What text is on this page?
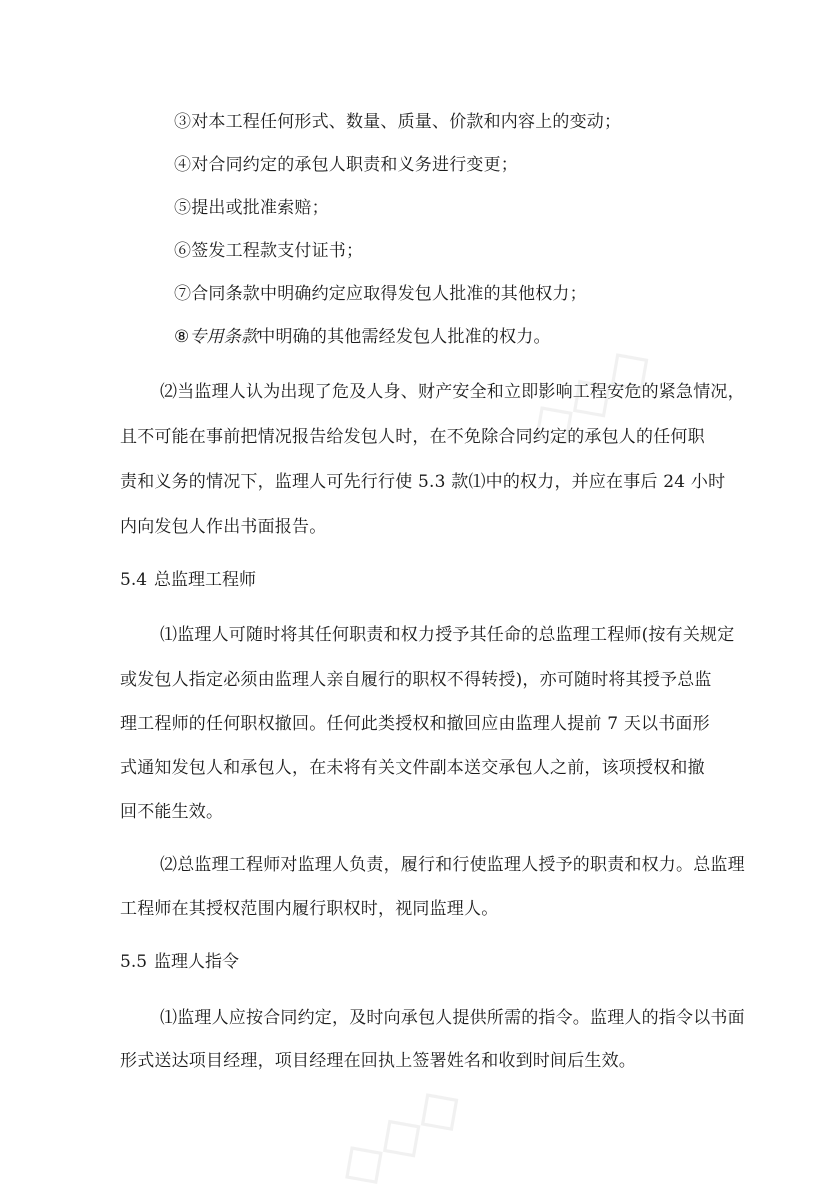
◇◇◇
◇◇◇

③对本工程任何形式、数量、质量、价款和内容上的变动；

④对合同约定的承包人职责和义务进行变更；

⑤提出或批准索赔；

⑥签发工程款支付证书；

⑦合同条款中明确约定应取得发包人批准的其他权力；

⑧专用条款中明确的其他需经发包人批准的权力。

⑵当监理人认为出现了危及人身、财产安全和立即影响工程安危的紧急情况，

且不可能在事前把情况报告给发包人时，在不免除合同约定的承包人的任何职

责和义务的情况下，监理人可先行行使 5.3 款⑴中的权力，并应在事后 24 小时

内向发包人作出书面报告。

5.4 总监理工程师

⑴监理人可随时将其任何职责和权力授予其任命的总监理工程师(按有关规定

或发包人指定必须由监理人亲自履行的职权不得转授)，亦可随时将其授予总监

理工程师的任何职权撤回。任何此类授权和撤回应由监理人提前 7 天以书面形

式通知发包人和承包人，在未将有关文件副本送交承包人之前，该项授权和撤

回不能生效。

⑵总监理工程师对监理人负责，履行和行使监理人授予的职责和权力。总监理

工程师在其授权范围内履行职权时，视同监理人。

5.5 监理人指令

⑴监理人应按合同约定，及时向承包人提供所需的指令。监理人的指令以书面

形式送达项目经理，项目经理在回执上签署姓名和收到时间后生效。
